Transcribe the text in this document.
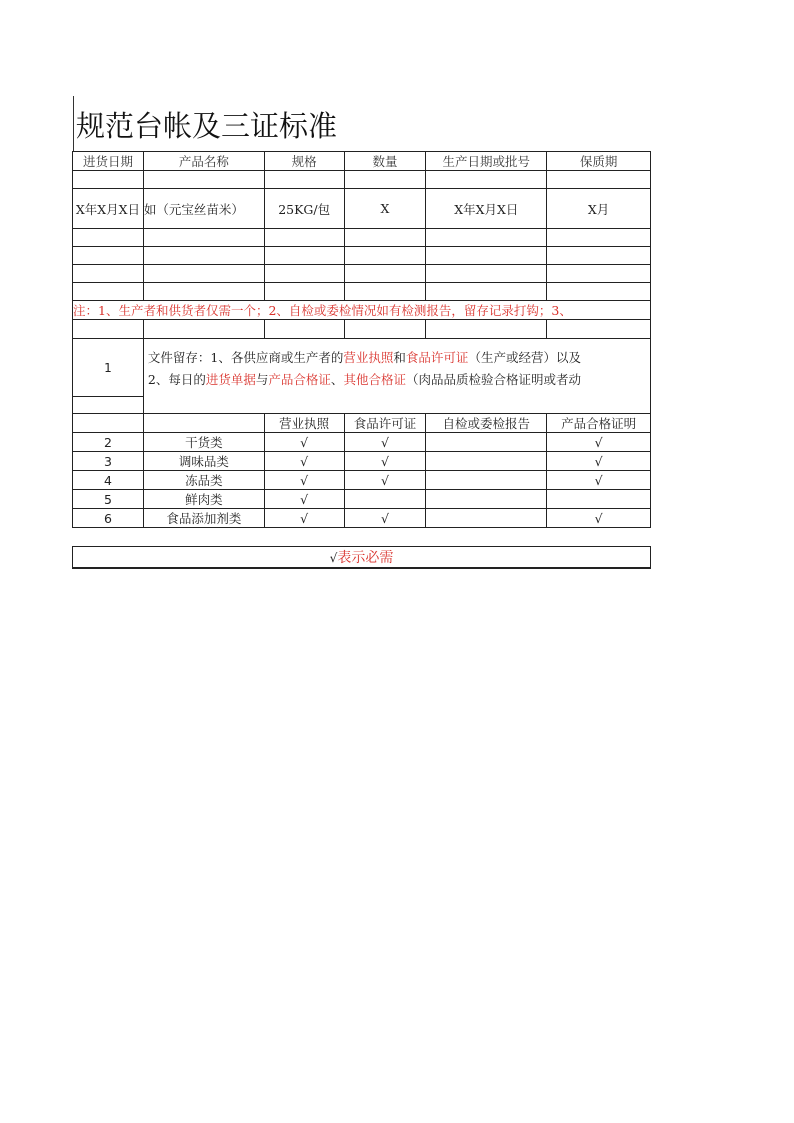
规范台帐及三证标准
进货日期	产品名称	规格	数量	生产日期或批号	保质期

X年X月X日	如（元宝丝苗米）	25KG/包	X	X年X月X日	X月

注：1、生产者和供货者仅需一个；2、自检或委检情况如有检测报告，留存记录打钩；3、					

1	文件留存：1、各供应商或生产者的营业执照和食品许可证（生产或经营）以及
2、每日的进货单据与产品合格证、其他合格证（肉品品质检验合格证明或者动				

		营业执照	食品许可证	自检或委检报告	产品合格证明
2	干货类	√	√		√
3	调味品类	√	√		√
4	冻品类	√	√		√
5	鲜肉类	√			
6	食品添加剂类	√	√		√

√表示必需					
